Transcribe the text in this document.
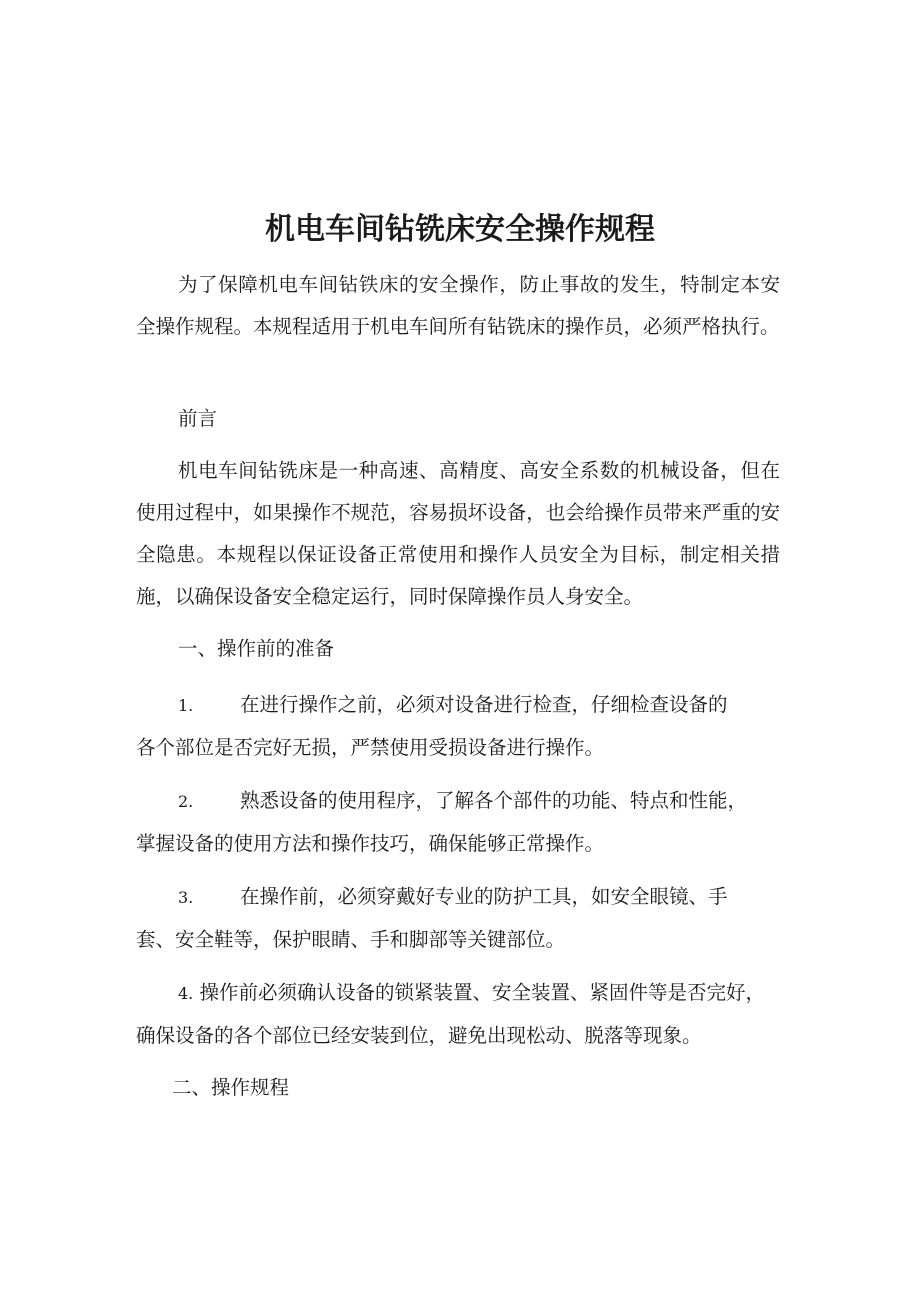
机电车间钻铣床安全操作规程

为了保障机电车间钻铁床的安全操作，防止事故的发生，特制定本安全操作规程。本规程适用于机电车间所有钻铣床的操作员，必须严格执行。

前言

机电车间钻铣床是一种高速、高精度、高安全系数的机械设备，但在使用过程中，如果操作不规范，容易损坏设备，也会给操作员带来严重的安全隐患。本规程以保证设备正常使用和操作人员安全为目标，制定相关措施，以确保设备安全稳定运行，同时保障操作员人身安全。

一、操作前的准备

1. 在进行操作之前，必须对设备进行检查，仔细检查设备的
各个部位是否完好无损，严禁使用受损设备进行操作。
2. 熟悉设备的使用程序，了解各个部件的功能、特点和性能，
掌握设备的使用方法和操作技巧，确保能够正常操作。
3. 在操作前，必须穿戴好专业的防护工具，如安全眼镜、手
套、安全鞋等，保护眼睛、手和脚部等关键部位。
4. 操作前必须确认设备的锁紧装置、安全装置、紧固件等是否完好，
确保设备的各个部位已经安装到位，避免出现松动、脱落等现象。

二、操作规程
